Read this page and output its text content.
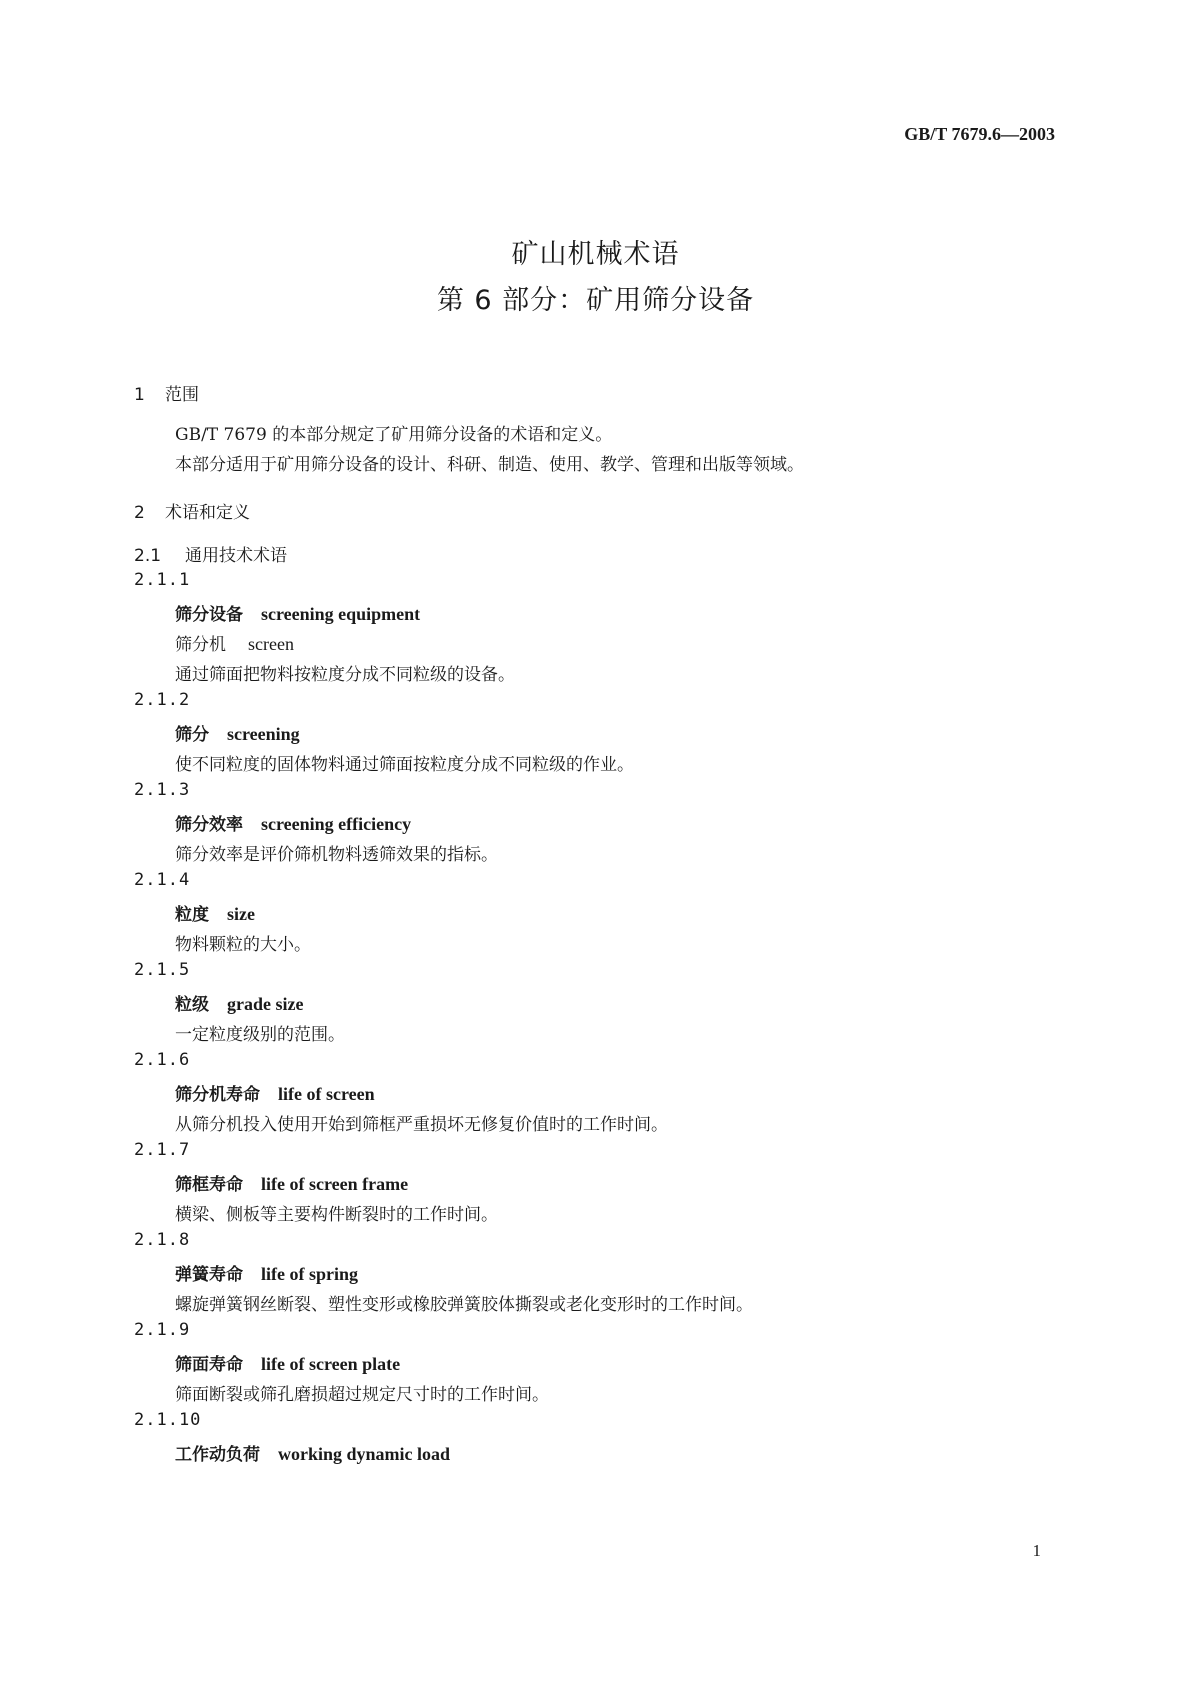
GB/T 7679.6—2003
矿山机械术语
第 6 部分：矿用筛分设备
1 范围
GB/T 7679 的本部分规定了矿用筛分设备的术语和定义。
本部分适用于矿用筛分设备的设计、科研、制造、使用、教学、管理和出版等领域。
2 术语和定义
2.1 通用技术术语
2.1.1
筛分设备 screening equipment
筛分机 screen
通过筛面把物料按粒度分成不同粒级的设备。
2.1.2
筛分 screening
使不同粒度的固体物料通过筛面按粒度分成不同粒级的作业。
2.1.3
筛分效率 screening efficiency
筛分效率是评价筛机物料透筛效果的指标。
2.1.4
粒度 size
物料颗粒的大小。
2.1.5
粒级 grade size
一定粒度级别的范围。
2.1.6
筛分机寿命 life of screen
从筛分机投入使用开始到筛框严重损坏无修复价值时的工作时间。
2.1.7
筛框寿命 life of screen frame
横梁、侧板等主要构件断裂时的工作时间。
2.1.8
弹簧寿命 life of spring
螺旋弹簧钢丝断裂、塑性变形或橡胶弹簧胶体撕裂或老化变形时的工作时间。
2.1.9
筛面寿命 life of screen plate
筛面断裂或筛孔磨损超过规定尺寸时的工作时间。
2.1.10
工作动负荷 working dynamic load
1
